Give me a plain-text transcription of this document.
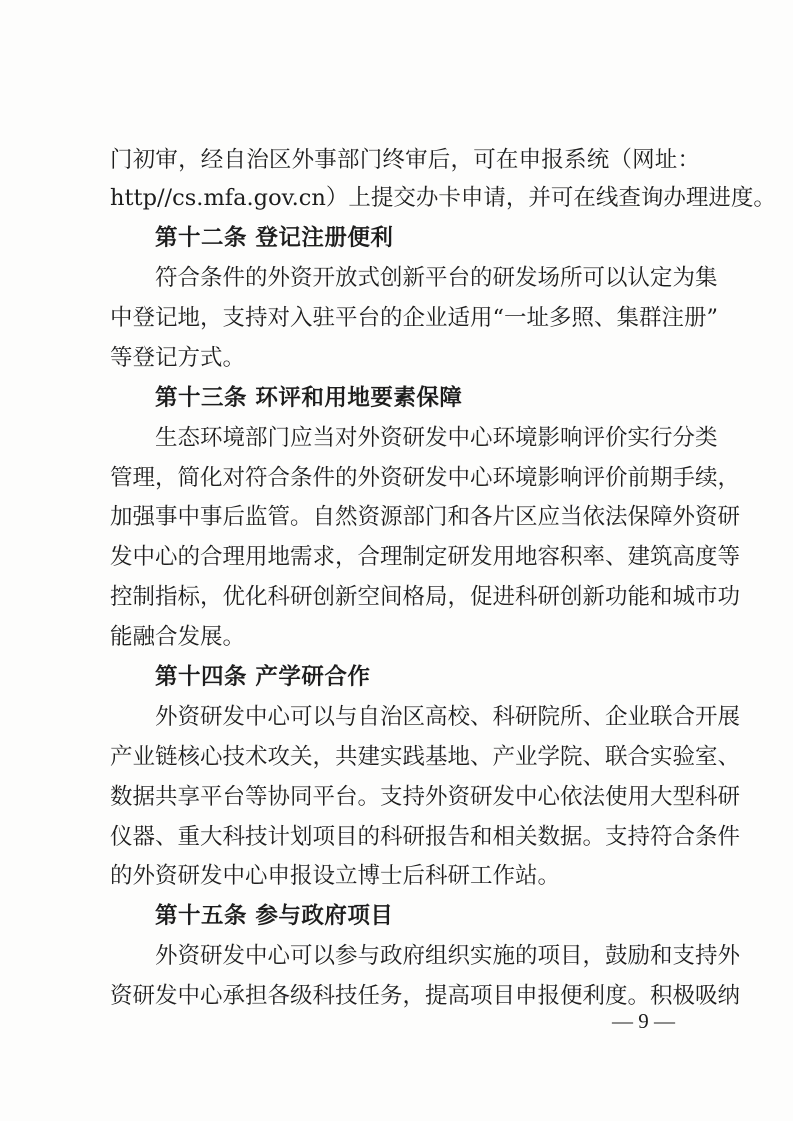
门初审，经自治区外事部门终审后，可在申报系统（网址：
http//cs.mfa.gov.cn）上提交办卡申请，并可在线查询办理进度。
第十二条 登记注册便利
符合条件的外资开放式创新平台的研发场所可以认定为集
中登记地，支持对入驻平台的企业适用“一址多照、集群注册”
等登记方式。
第十三条 环评和用地要素保障
生态环境部门应当对外资研发中心环境影响评价实行分类
管理，简化对符合条件的外资研发中心环境影响评价前期手续，
加强事中事后监管。自然资源部门和各片区应当依法保障外资研
发中心的合理用地需求，合理制定研发用地容积率、建筑高度等
控制指标，优化科研创新空间格局，促进科研创新功能和城市功
能融合发展。
第十四条 产学研合作
外资研发中心可以与自治区高校、科研院所、企业联合开展
产业链核心技术攻关，共建实践基地、产业学院、联合实验室、
数据共享平台等协同平台。支持外资研发中心依法使用大型科研
仪器、重大科技计划项目的科研报告和相关数据。支持符合条件
的外资研发中心申报设立博士后科研工作站。
第十五条 参与政府项目
外资研发中心可以参与政府组织实施的项目，鼓励和支持外
资研发中心承担各级科技任务，提高项目申报便利度。积极吸纳
— 9 —
